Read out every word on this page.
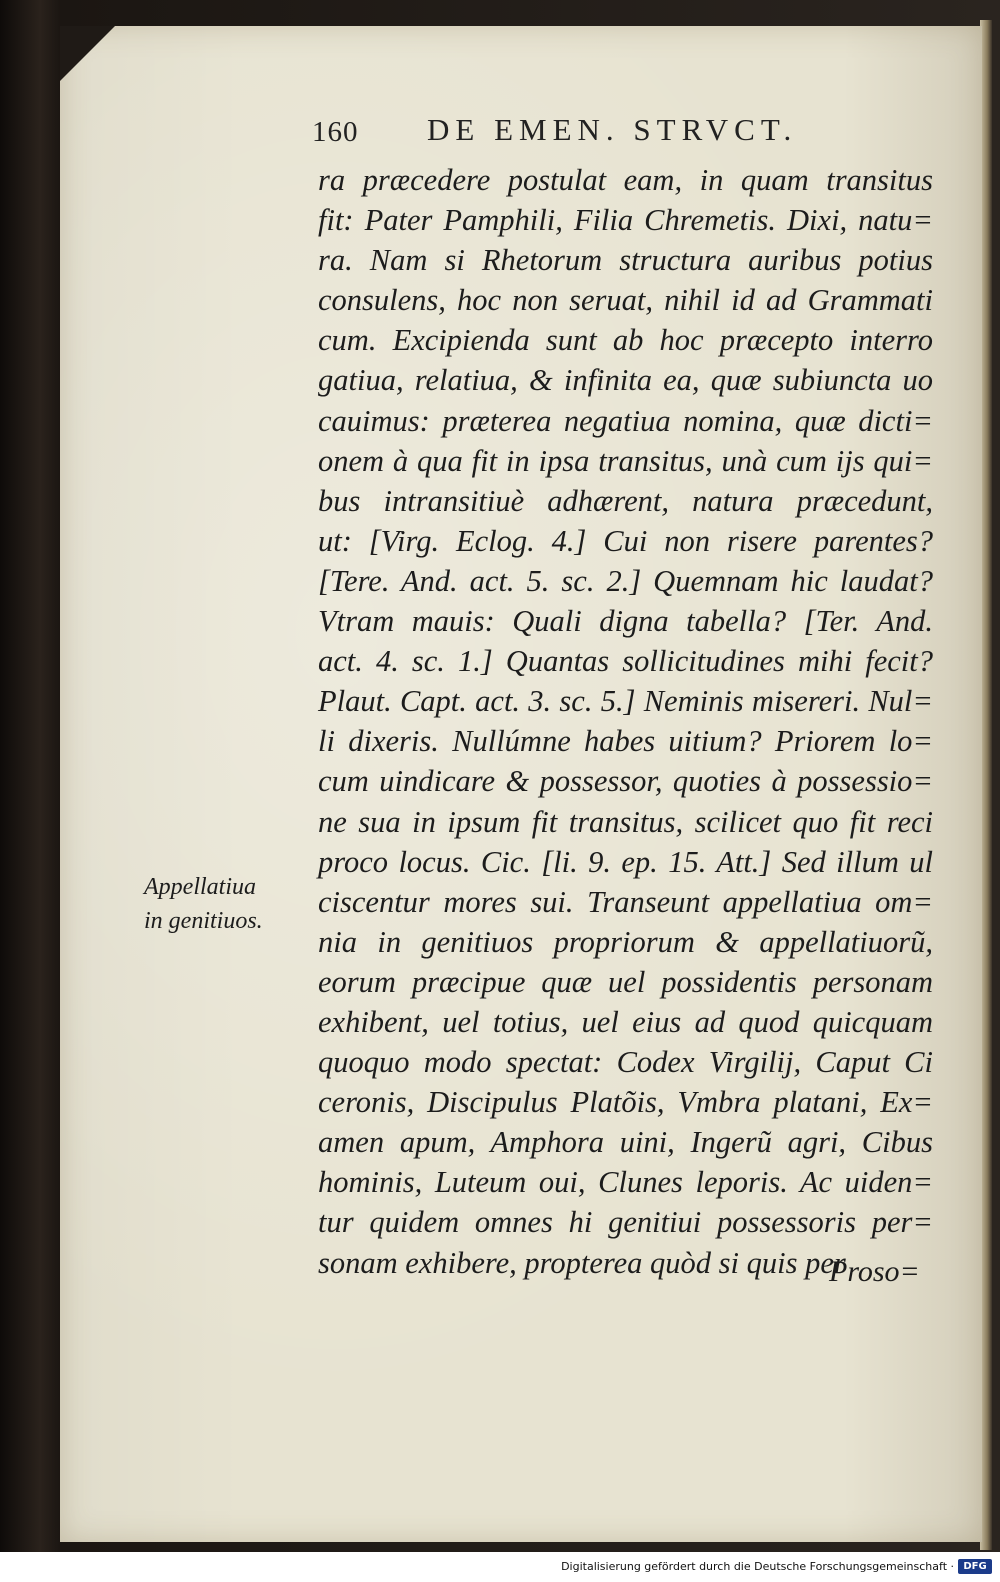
160 DE EMEN. STRVCT.
Appellatiua
in genitiuos.
ra præcedere postulat eam, in quam transitus
fit: Pater Pamphili, Filia Chremetis. Dixi, natu=
ra. Nam si Rhetorum structura auribus potius
consulens, hoc non seruat, nihil id ad Grammati
cum. Excipienda sunt ab hoc præcepto interro
gatiua, relatiua, & infinita ea, quæ subiuncta uo
cauimus: præterea negatiua nomina, quæ dicti=
onem à qua fit in ipsa transitus, unà cum ijs qui=
bus intransitiuè adhærent, natura præcedunt,
ut: [Virg. Eclog. 4.] Cui non risere parentes?
[Tere. And. act. 5. sc. 2.] Quemnam hic laudat?
Vtram mauis: Quali digna tabella? [Ter. And.
act. 4. sc. 1.] Quantas sollicitudines mihi fecit?
Plaut. Capt. act. 3. sc. 5.] Neminis misereri. Nul=
li dixeris. Nullúmne habes uitium? Priorem lo=
cum uindicare & possessor, quoties à possessio=
ne sua in ipsum fit transitus, scilicet quo fit reci
proco locus. Cic. [li. 9. ep. 15. Att.] Sed illum ul
ciscentur mores sui. Transeunt appellatiua om=
nia in genitiuos propriorum & appellatiuorũ,
eorum præcipue quæ uel possidentis personam
exhibent, uel totius, uel eius ad quod quicquam
quoquo modo spectat: Codex Virgilij, Caput Ci
ceronis, Discipulus Platõis, Vmbra platani, Ex=
amen apum, Amphora uini, Ingerũ agri, Cibus
hominis, Luteum oui, Clunes leporis. Ac uiden=
tur quidem omnes hi genitiui possessoris per=
sonam exhibere, propterea quòd si quis per
Proso=
Digitalisierung gefördert durch die Deutsche Forschungsgemeinschaft · DFG
